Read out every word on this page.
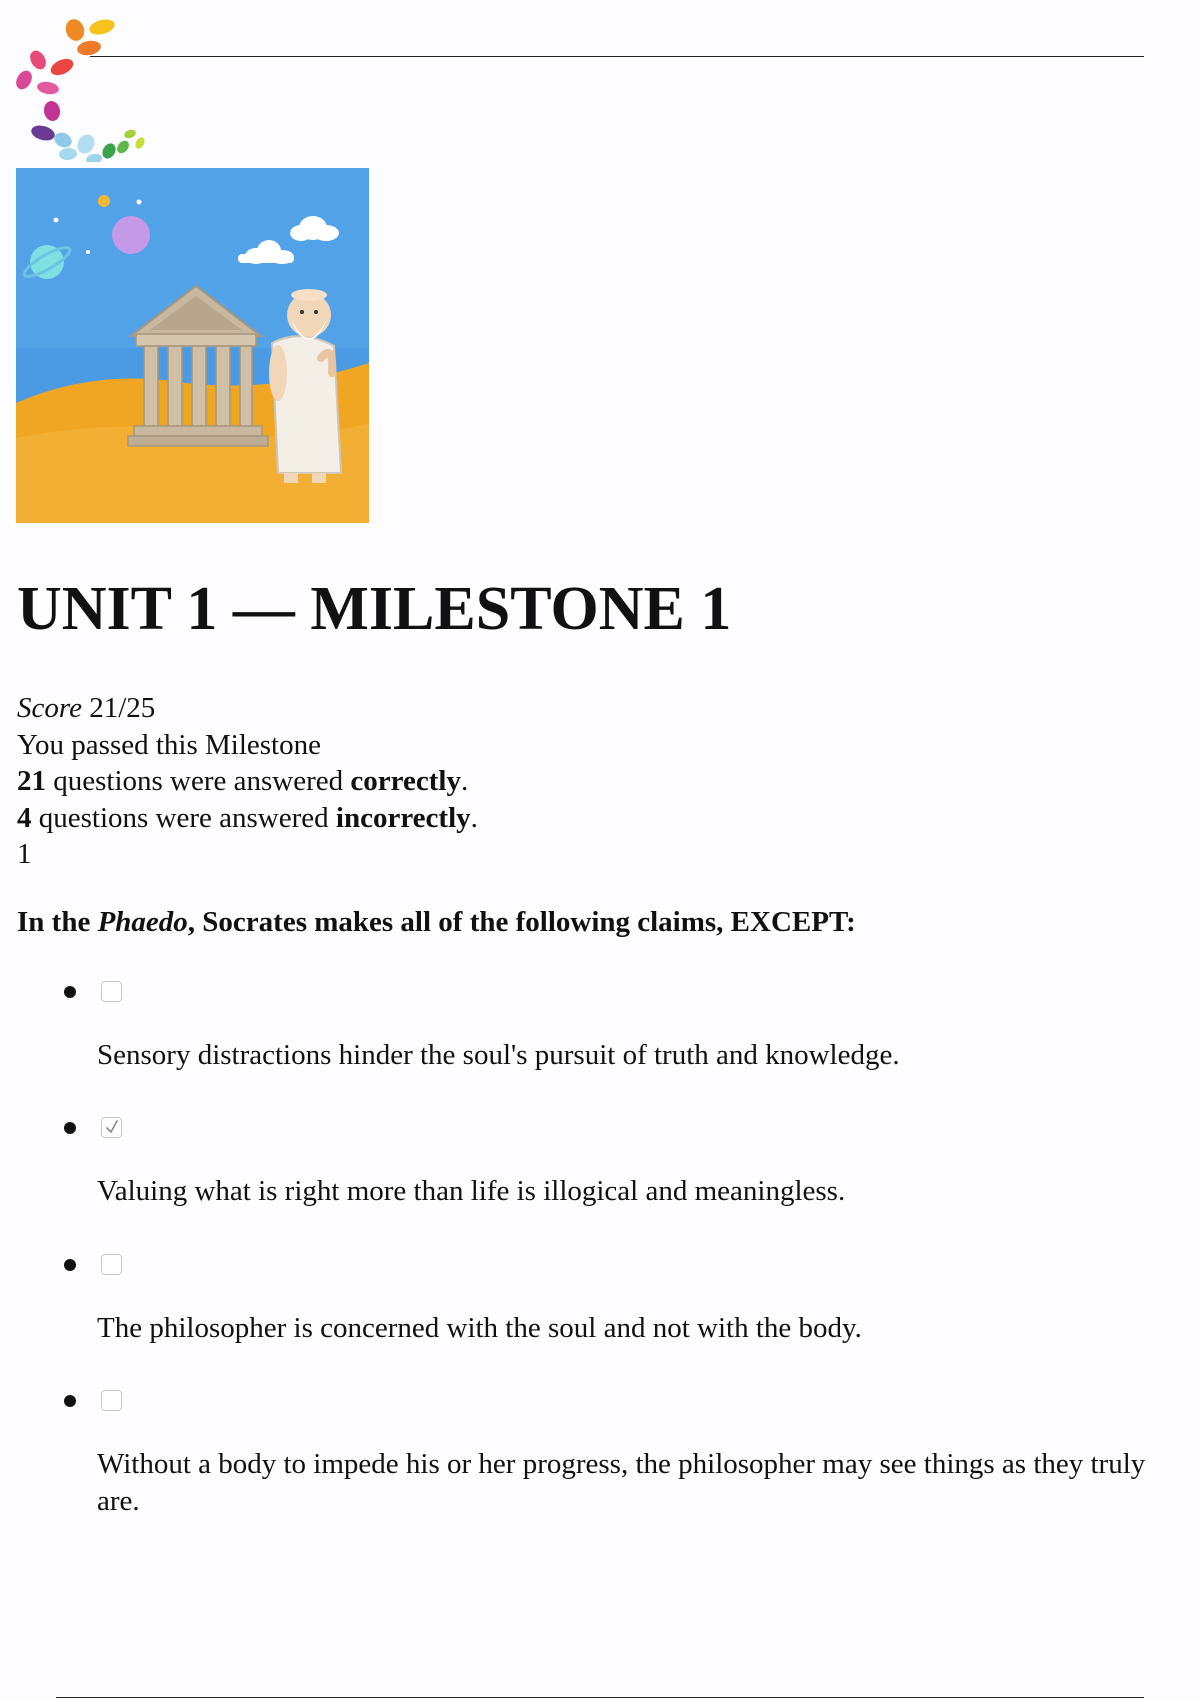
UNIT 1 — MILESTONE 1
Score 21/25
You passed this Milestone
21 questions were answered correctly.
4 questions were answered incorrectly.
1

In the Phaedo, Socrates makes all of the following claims, EXCEPT:

Sensory distractions hinder the soul's pursuit of truth and knowledge.
Valuing what is right more than life is illogical and meaningless.
The philosopher is concerned with the soul and not with the body.
Without a body to impede his or her progress, the philosopher may see things as they truly are.
